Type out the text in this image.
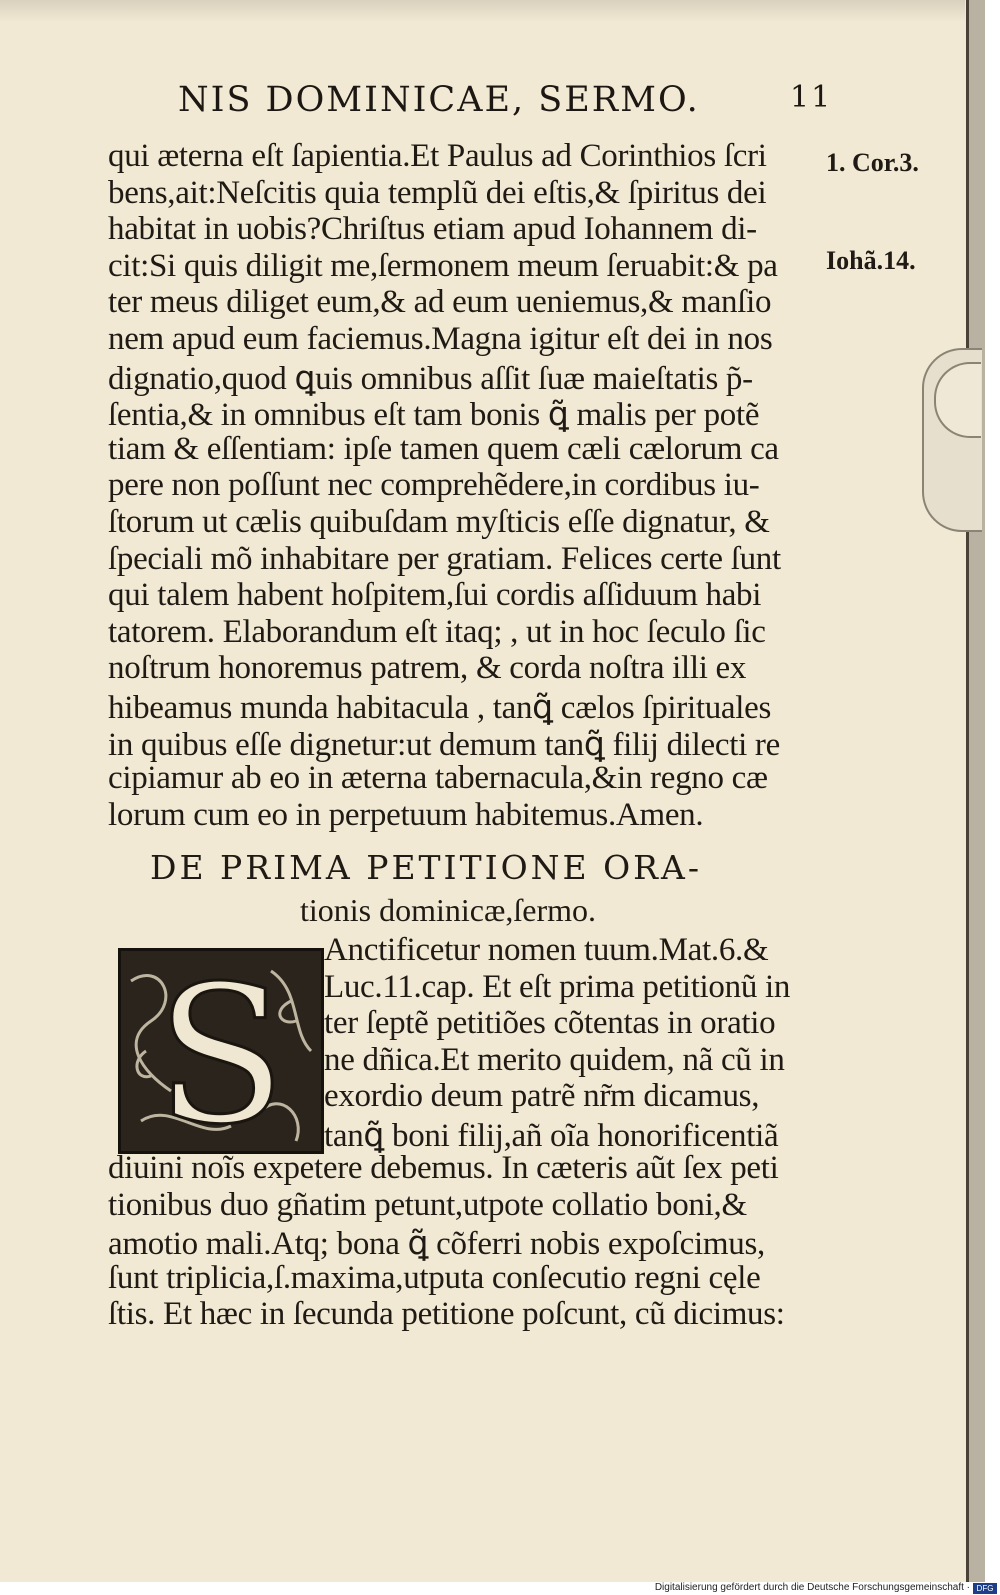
NIS DOMINICAE, SERMO.	11
1. Cor.3.
Iohã.14.
qui æterna eſt ſapientia.Et Paulus ad Corinthios ſcri
bens,ait:Neſcitis quia templũ dei eſtis,& ſpiritus dei
habitat in uobis?Chriſtus etiam apud Iohannem di-
cit:Si quis diligit me,ſermonem meum ſeruabit:& pa
ter meus diliget eum,& ad eum ueniemus,& manſio
nem apud eum faciemus.Magna igitur eſt dei in nos
dignatio,quod ꝗuis omnibus aſſit ſuæ maieſtatis p̃-
ſentia,& in omnibus eſt tam bonis ꝗ̃ malis per potẽ
tiam & eſſentiam: ipſe tamen quem cæli cælorum ca
pere non poſſunt nec comprehẽdere,in cordibus iu-
ſtorum ut cælis quibuſdam myſticis eſſe dignatur, &
ſpeciali mõ inhabitare per gratiam. Felices certe ſunt
qui talem habent hoſpitem,ſui cordis aſſiduum habi
tatorem. Elaborandum eſt itaq; , ut in hoc ſeculo ſic
noſtrum honoremus patrem, & corda noſtra illi ex
hibeamus munda habitacula , tanꝗ̃ cælos ſpirituales
in quibus eſſe dignetur:ut demum tanꝗ̃ filij dilecti re
cipiamur ab eo in æterna tabernacula,&in regno cæ
lorum cum eo in perpetuum habitemus.Amen.
DE PRIMA PETITIONE ORA-
tionis dominicæ,ſermo.
S Anctificetur nomen tuum.Mat.6.&
Luc.11.cap. Et eſt prima petitionũ in
ter ſeptẽ petitiões cõtentas in oratio
ne dñica.Et merito quidem, nã cũ in
exordio deum patrẽ nr̃m dicamus,
tanꝗ̃ boni filij,añ oĩa honorificentiã
diuini noĩs expetere debemus. In cæteris aũt ſex peti
tionibus duo gñatim petunt,utpote collatio boni,&
amotio mali.Atq; bona ꝗ̃ cõferri nobis expoſcimus,
ſunt triplicia,ſ.maxima,utputa conſecutio regni cęle
ſtis. Et hæc in ſecunda petitione poſcunt, cũ dicimus:
Digitalisierung gefördert durch die Deutsche Forschungsgemeinschaft · DFG
